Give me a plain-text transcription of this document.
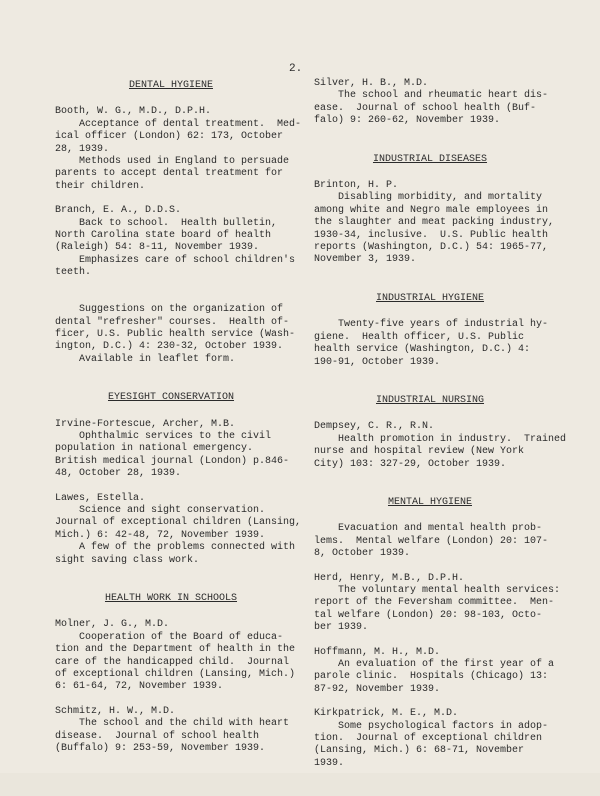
2.
DENTAL HYGIENE
Booth, W. G., M.D., D.P.H.
Acceptance of dental treatment.  Med-
ical officer (London) 62: 173, October
28, 1939.
Methods used in England to persuade
parents to accept dental treatment for
their children.
Branch, E. A., D.D.S.
Back to school.  Health bulletin,
North Carolina state board of health
(Raleigh) 54: 8-11, November 1939.
Emphasizes care of school children's
teeth.

Suggestions on the organization of
dental "refresher" courses.  Health of-
ficer, U.S. Public health service (Wash-
ington, D.C.) 4: 230-32, October 1939.
Available in leaflet form.
EYESIGHT CONSERVATION
Irvine-Fortescue, Archer, M.B.
Ophthalmic services to the civil
population in national emergency.
British medical journal (London) p.846-
48, October 28, 1939.
Lawes, Estella.
Science and sight conservation.
Journal of exceptional children (Lansing,
Mich.) 6: 42-48, 72, November 1939.
A few of the problems connected with
sight saving class work.
HEALTH WORK IN SCHOOLS
Molner, J. G., M.D.
Cooperation of the Board of educa-
tion and the Department of health in the
care of the handicapped child.  Journal
of exceptional children (Lansing, Mich.)
6: 61-64, 72, November 1939.
Schmitz, H. W., M.D.
The school and the child with heart
disease.  Journal of school health
(Buffalo) 9: 253-59, November 1939.
Silver, H. B., M.D.
The school and rheumatic heart dis-
ease.  Journal of school health (Buf-
falo) 9: 260-62, November 1939.
INDUSTRIAL DISEASES
Brinton, H. P.
Disabling morbidity, and mortality
among white and Negro male employees in
the slaughter and meat packing industry,
1930-34, inclusive.  U.S. Public health
reports (Washington, D.C.) 54: 1965-77,
November 3, 1939.
INDUSTRIAL HYGIENE
Twenty-five years of industrial hy-
giene.  Health officer, U.S. Public
health service (Washington, D.C.) 4:
190-91, October 1939.
INDUSTRIAL NURSING
Dempsey, C. R., R.N.
Health promotion in industry.  Trained
nurse and hospital review (New York
City) 103: 327-29, October 1939.
MENTAL HYGIENE
Evacuation and mental health prob-
lems.  Mental welfare (London) 20: 107-
8, October 1939.
Herd, Henry, M.B., D.P.H.
The voluntary mental health services:
report of the Feversham committee.  Men-
tal welfare (London) 20: 98-103, Octo-
ber 1939.
Hoffmann, M. H., M.D.
An evaluation of the first year of a
parole clinic.  Hospitals (Chicago) 13:
87-92, November 1939.
Kirkpatrick, M. E., M.D.
Some psychological factors in adop-
tion.  Journal of exceptional children
(Lansing, Mich.) 6: 68-71, November
1939.
